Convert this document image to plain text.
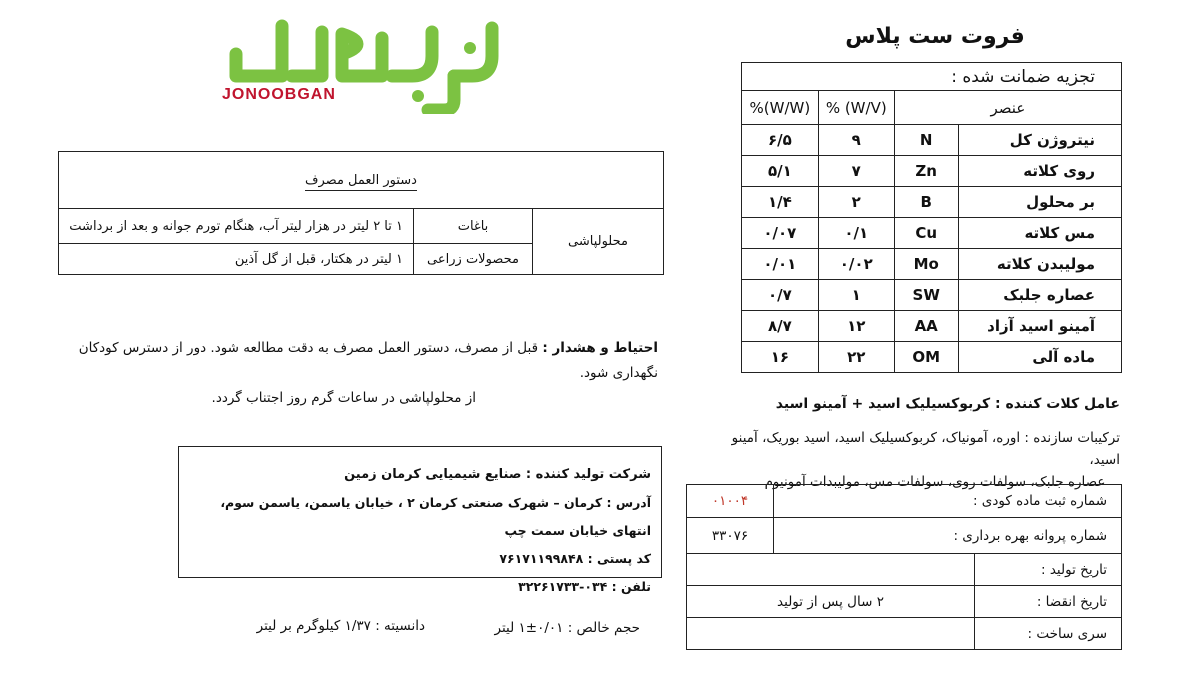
فروت ست پلاس
تجزیه ضمانت شده :			
عنصر		% (W/V)	%(W/W)
نیتروژن کل	N	۹	۶/۵
روی کلاته	Zn	۷	۵/۱
بر محلول	B	۲	۱/۴
مس کلاته	Cu	۰/۱	۰/۰۷
مولیبدن کلاته	Mo	۰/۰۲	۰/۰۱
عصاره جلبک	SW	۱	۰/۷
آمینو اسید آزاد	AA	۱۲	۸/۷
ماده آلی	OM	۲۲	۱۶
عامل کلات کننده : کربوکسیلیک اسید + آمینو اسید
ترکیبات سازنده : اوره، آمونیاک، کربوکسیلیک اسید، اسید بوریک، آمینو اسید،
عصاره جلبک، سولفات روی، سولفات مس، مولیبدات آمونیوم
شماره ثبت ماده کودی :		۰۱۰۰۴
شماره پروانه بهره برداری :		۳۳۰۷۶
تاریخ تولید :		
تاریخ انقضا :	۲ سال پس از تولید	
سری ساخت :		
JONOOBGAN
دستور العمل مصرف		
محلولپاشی	باغات	۱ تا ۲ لیتر در هزار لیتر آب، هنگام تورم جوانه و بعد از برداشت
	محصولات زراعی	۱ لیتر در هکتار، قبل از گل آذین
احتیاط و هشدار : قبل از مصرف، دستور العمل مصرف به دقت مطالعه شود. دور از دسترس کودکان نگهداری شود.
از محلولپاشی در ساعات گرم روز اجتناب گردد.
شرکت تولید کننده : صنایع شیمیایی کرمان زمین
آدرس : کرمان – شهرک صنعتی کرمان ۲ ، خیابان یاسمن، یاسمن سوم، انتهای خیابان سمت چپ
کد پستی : ۷۶۱۷۱۱۹۹۸۴۸
تلفن : ۰۳۴-۳۲۲۶۱۷۳۳
حجم خالص : ۰/۰۱±۱ لیتر
دانسیته : ۱/۳۷ کیلوگرم بر لیتر
